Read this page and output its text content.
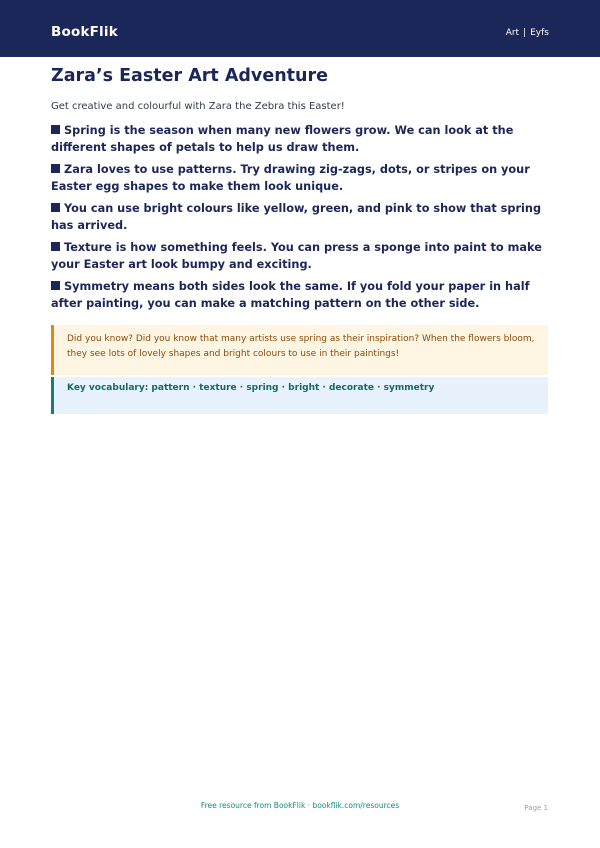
BookFlik	Art | Eyfs
Zara’s Easter Art Adventure
Get creative and colourful with Zara the Zebra this Easter!
Spring is the season when many new flowers grow. We can look at the different shapes of petals to help us draw them.
Zara loves to use patterns. Try drawing zig-zags, dots, or stripes on your Easter egg shapes to make them look unique.
You can use bright colours like yellow, green, and pink to show that spring has arrived.
Texture is how something feels. You can press a sponge into paint to make your Easter art look bumpy and exciting.
Symmetry means both sides look the same. If you fold your paper in half after painting, you can make a matching pattern on the other side.
Did you know? Did you know that many artists use spring as their inspiration? When the flowers bloom, they see lots of lovely shapes and bright colours to use in their paintings!
Key vocabulary: pattern · texture · spring · bright · decorate · symmetry
Free resource from BookFlik · bookflik.com/resources	Page 1
